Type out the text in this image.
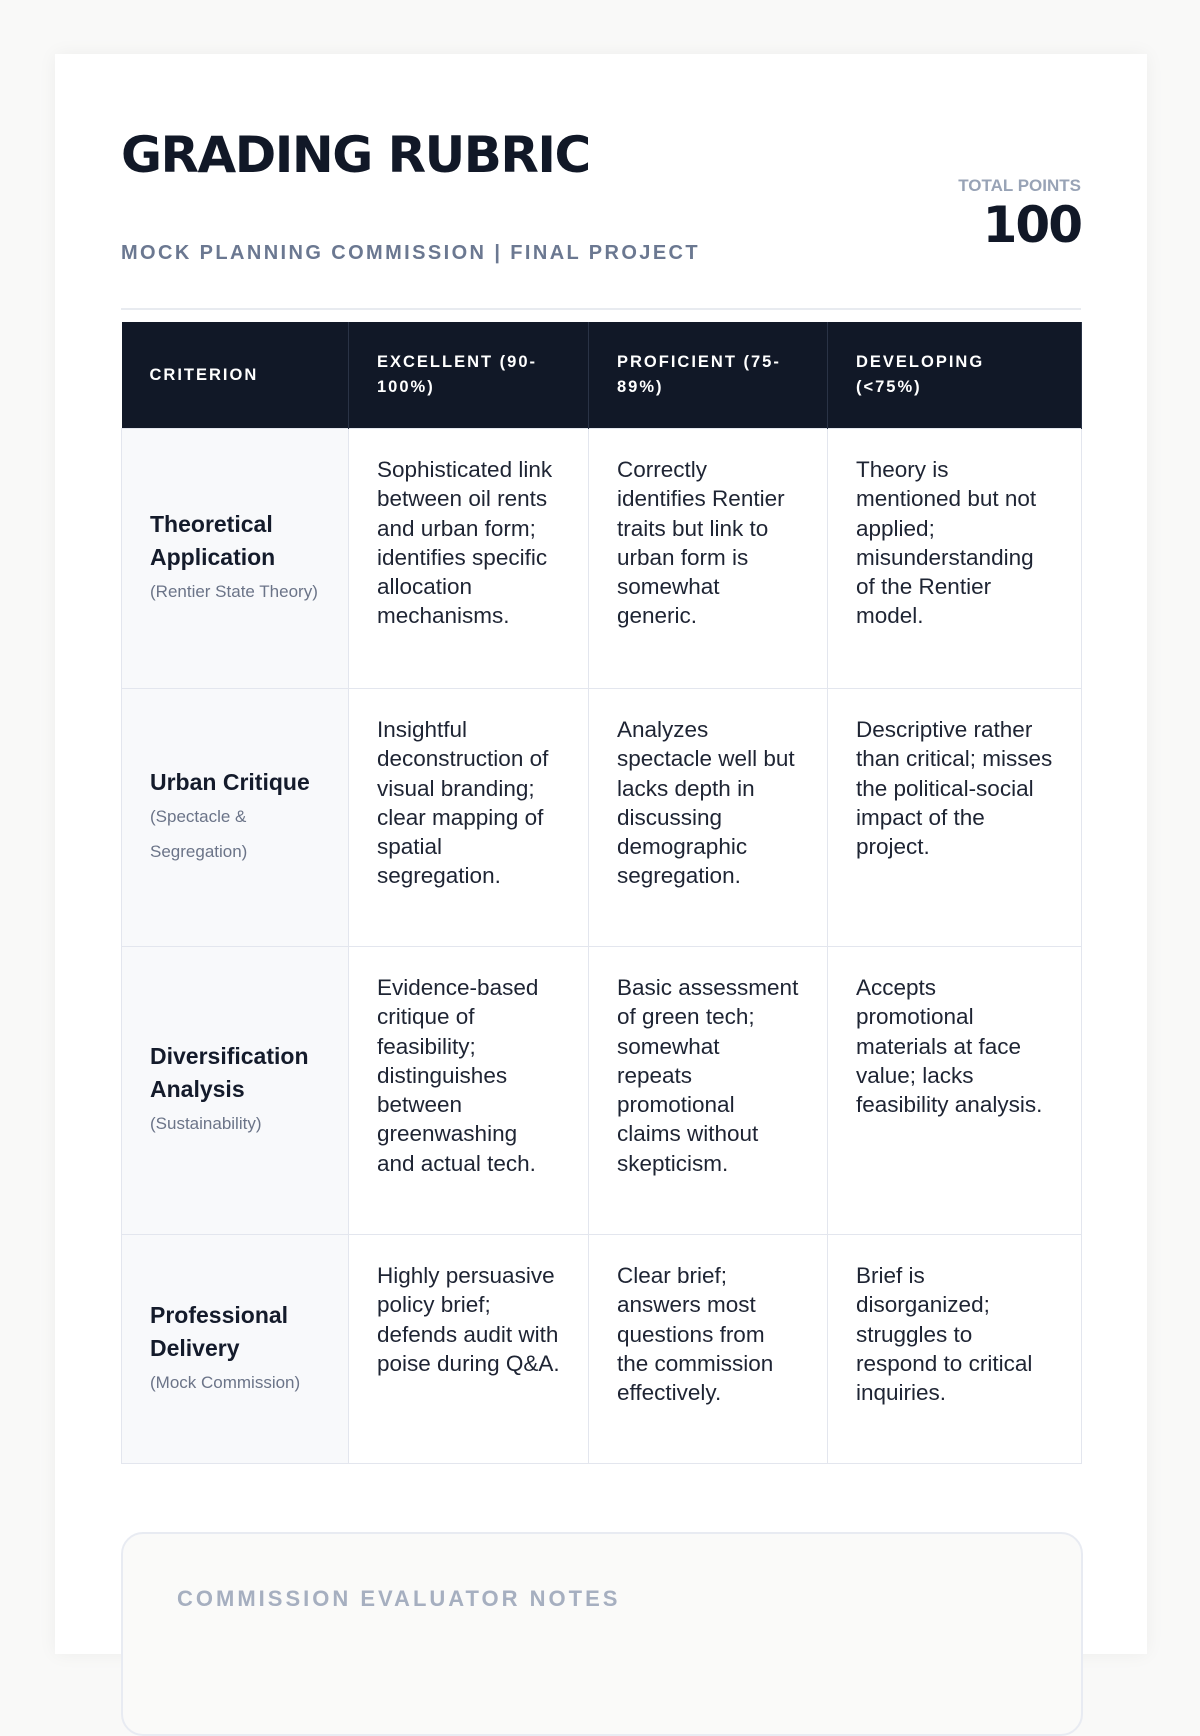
GRADING RUBRIC
MOCK PLANNING COMMISSION | FINAL PROJECT
TOTAL POINTS
100
CRITERION	EXCELLENT (90-100%)	PROFICIENT (75-89%)	DEVELOPING (<75%)

Theoretical Application
(Rentier State Theory)	Sophisticated link between oil rents and urban form; identifies specific allocation mechanisms.	Correctly identifies Rentier traits but link to urban form is somewhat generic.	Theory is mentioned but not applied; misunderstanding of the Rentier model.

Urban Critique
(Spectacle & Segregation)	Insightful deconstruction of visual branding; clear mapping of spatial segregation.	Analyzes spectacle well but lacks depth in discussing demographic segregation.	Descriptive rather than critical; misses the political-social impact of the project.

Diversification Analysis
(Sustainability)	Evidence-based critique of feasibility; distinguishes between greenwashing and actual tech.	Basic assessment of green tech; somewhat repeats promotional claims without skepticism.	Accepts promotional materials at face value; lacks feasibility analysis.

Professional Delivery
(Mock Commission)	Highly persuasive policy brief; defends audit with poise during Q&A.	Clear brief; answers most questions from the commission effectively.	Brief is disorganized; struggles to respond to critical inquiries.
COMMISSION EVALUATOR NOTES
